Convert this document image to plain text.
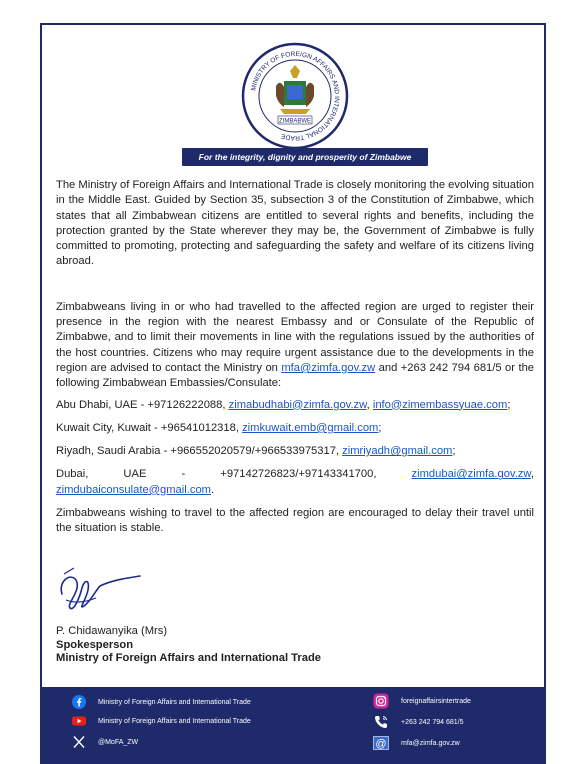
MINISTRY OF FOREIGN AFFAIRS AND INTERNATIONAL TRADE
ZIMBABWE
For the integrity, dignity and prosperity of Zimbabwe

The Ministry of Foreign Affairs and International Trade is closely monitoring the evolving situation in the Middle East. Guided by Section 35, subsection 3 of the Constitution of Zimbabwe, which states that all Zimbabwean citizens are entitled to several rights and benefits, including the protection granted by the State wherever they may be, the Government of Zimbabwe is fully committed to promoting, protecting and safeguarding the safety and welfare of its citizens living abroad.

Zimbabweans living in or who had travelled to the affected region are urged to register their presence in the region with the nearest Embassy and or Consulate of the Republic of Zimbabwe, and to limit their movements in line with the regulations issued by the authorities of the host countries. Citizens who may require urgent assistance due to the developments in the region are advised to contact the Ministry on mfa@zimfa.gov.zw and +263 242 794 681/5 or the following Zimbabwean Embassies/Consulate:

Abu Dhabi, UAE - +97126222088, zimabudhabi@zimfa.gov.zw, info@zimembassyuae.com;

Kuwait City, Kuwait - +96541012318, zimkuwait.emb@gmail.com;

Riyadh, Saudi Arabia - +966552020579/+966533975317, zimriyadh@gmail.com;

Dubai,	UAE	-	+97142726823/+97143341700,	zimdubai@zimfa.gov.zw,
zimdubaiconsulate@gmail.com.

Zimbabweans wishing to travel to the affected region are encouraged to delay their travel until the situation is stable.

P. Chidawanyika (Mrs)
Spokesperson
Ministry of Foreign Affairs and International Trade
Ministry of Foreign Affairs and International Trade
Ministry of Foreign Affairs and International Trade
@MoFA_ZW
foreignaffairsintertrade
+263 242 794 681/5
@ mfa@zimfa.gov.zw
